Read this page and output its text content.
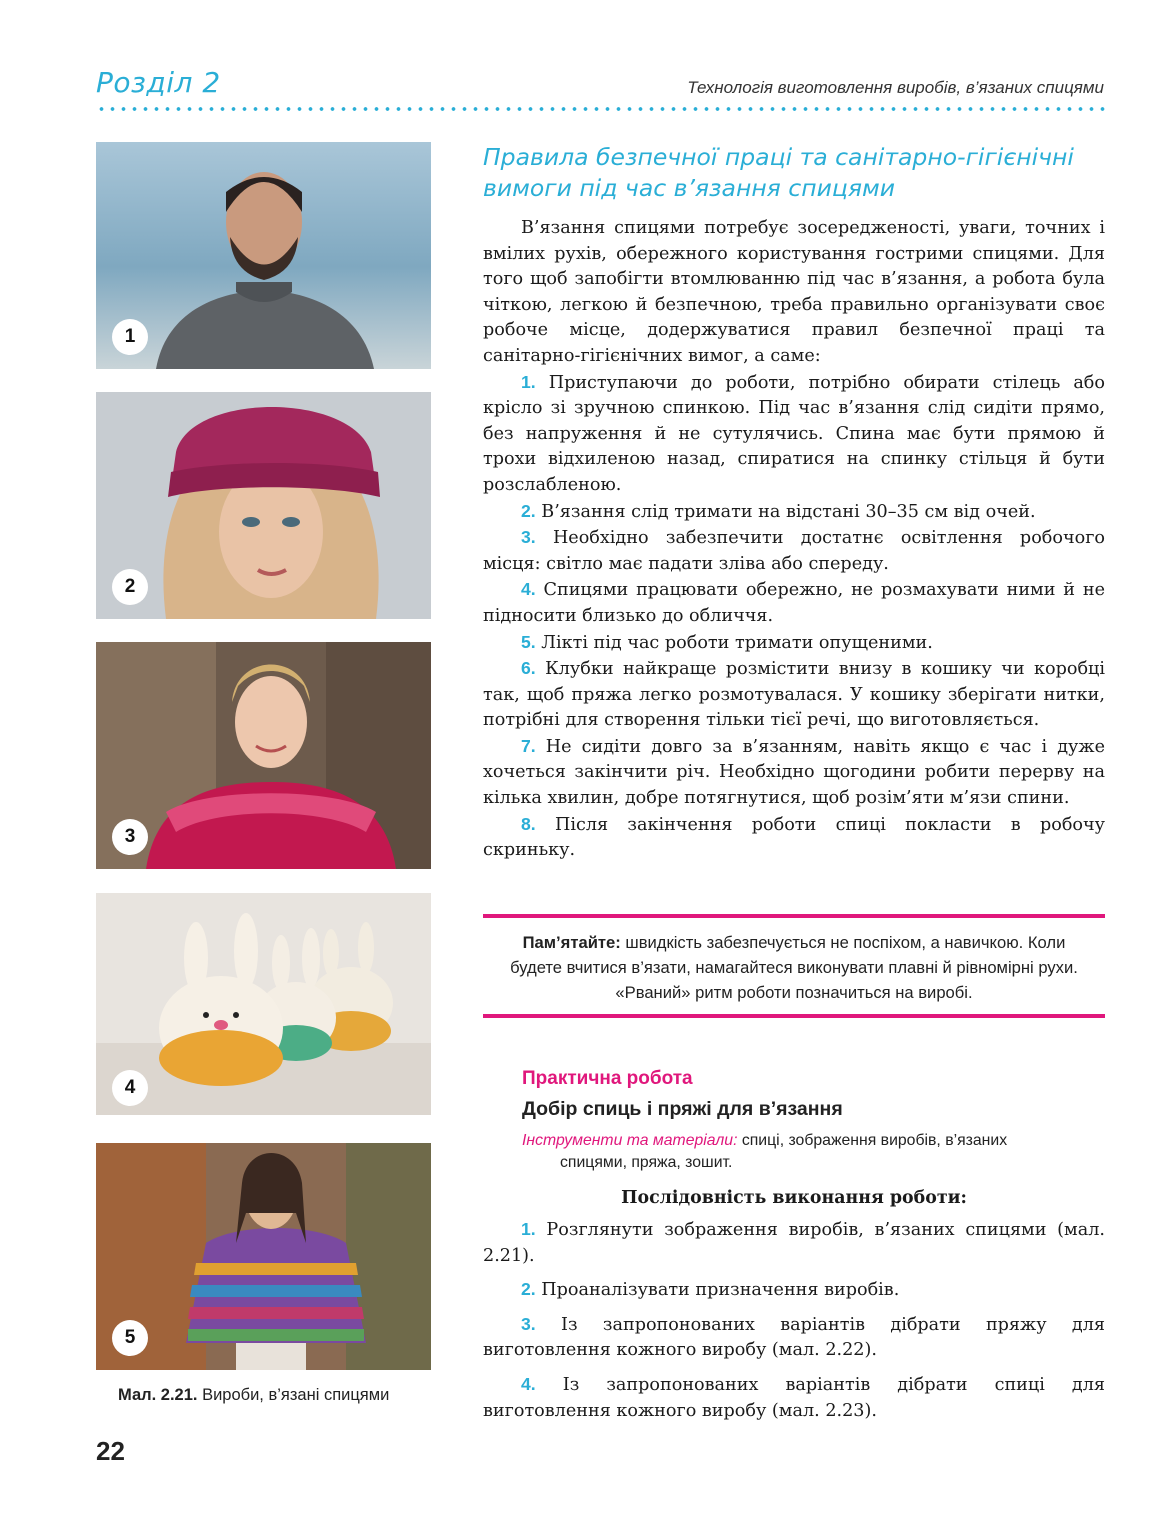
Розділ 2	Технологія виготовлення виробів, в’язаних спицями
1
2
3
4
5
Мал. 2.21. Вироби, в’язані спицями
22
Правила безпечної праці та санітарно-гігієнічні вимоги під час в’язання спицями

В’язання спицями потребує зосередженості, уваги, точних і вмілих рухів, обережного користування гострими спицями. Для того щоб запобігти втомлюванню під час в’язання, а робота була чіткою, легкою й безпечною, треба правильно організувати своє робоче місце, додержуватися правил безпечної праці та санітарно-гігієнічних вимог, а саме:

1. Приступаючи до роботи, потрібно обирати стілець або крісло зі зручною спинкою. Під час в’язання слід сидіти прямо, без напруження й не сутулячись. Спина має бути прямою й трохи відхиленою назад, спиратися на спинку стільця й бути розслабленою.

2. В’язання слід тримати на відстані 30–35 см від очей.

3. Необхідно забезпечити достатнє освітлення робочого місця: світло має падати зліва або спереду.

4. Спицями працювати обережно, не розмахувати ними й не підносити близько до обличчя.

5. Лікті під час роботи тримати опущеними.

6. Клубки найкраще розмістити внизу в кошику чи коробці так, щоб пряжа легко розмотувалася. У кошику зберігати нитки, потрібні для створення тільки тієї речі, що виготовляється.

7. Не сидіти довго за в’язанням, навіть якщо є час і дуже хочеться закінчити річ. Необхідно щогодини робити перерву на кілька хвилин, добре потягнутися, щоб розім’яти м’язи спини.

8. Після закінчення роботи спиці покласти в робочу скриньку.

Пам’ятайте: швидкість забезпечується не поспіхом, а навичкою. Коли будете вчитися в’язати, намагайтеся виконувати плавні й рівномірні рухи. «Рваний» ритм роботи позначиться на виробі.
Практична робота
Добір спиць і пряжі для в’язання
Інструменти та матеріали: спиці, зображення виробів, в’язаних
спицями, пряжа, зошит.
Послідовність виконання роботи:

1. Розглянути зображення виробів, в’язаних спицями (мал. 2.21).

2. Проаналізувати призначення виробів.

3. Із запропонованих варіантів дібрати пряжу для виготовлення кожного виробу (мал. 2.22).

4. Із запропонованих варіантів дібрати спиці для виготовлення кожного виробу (мал. 2.23).
